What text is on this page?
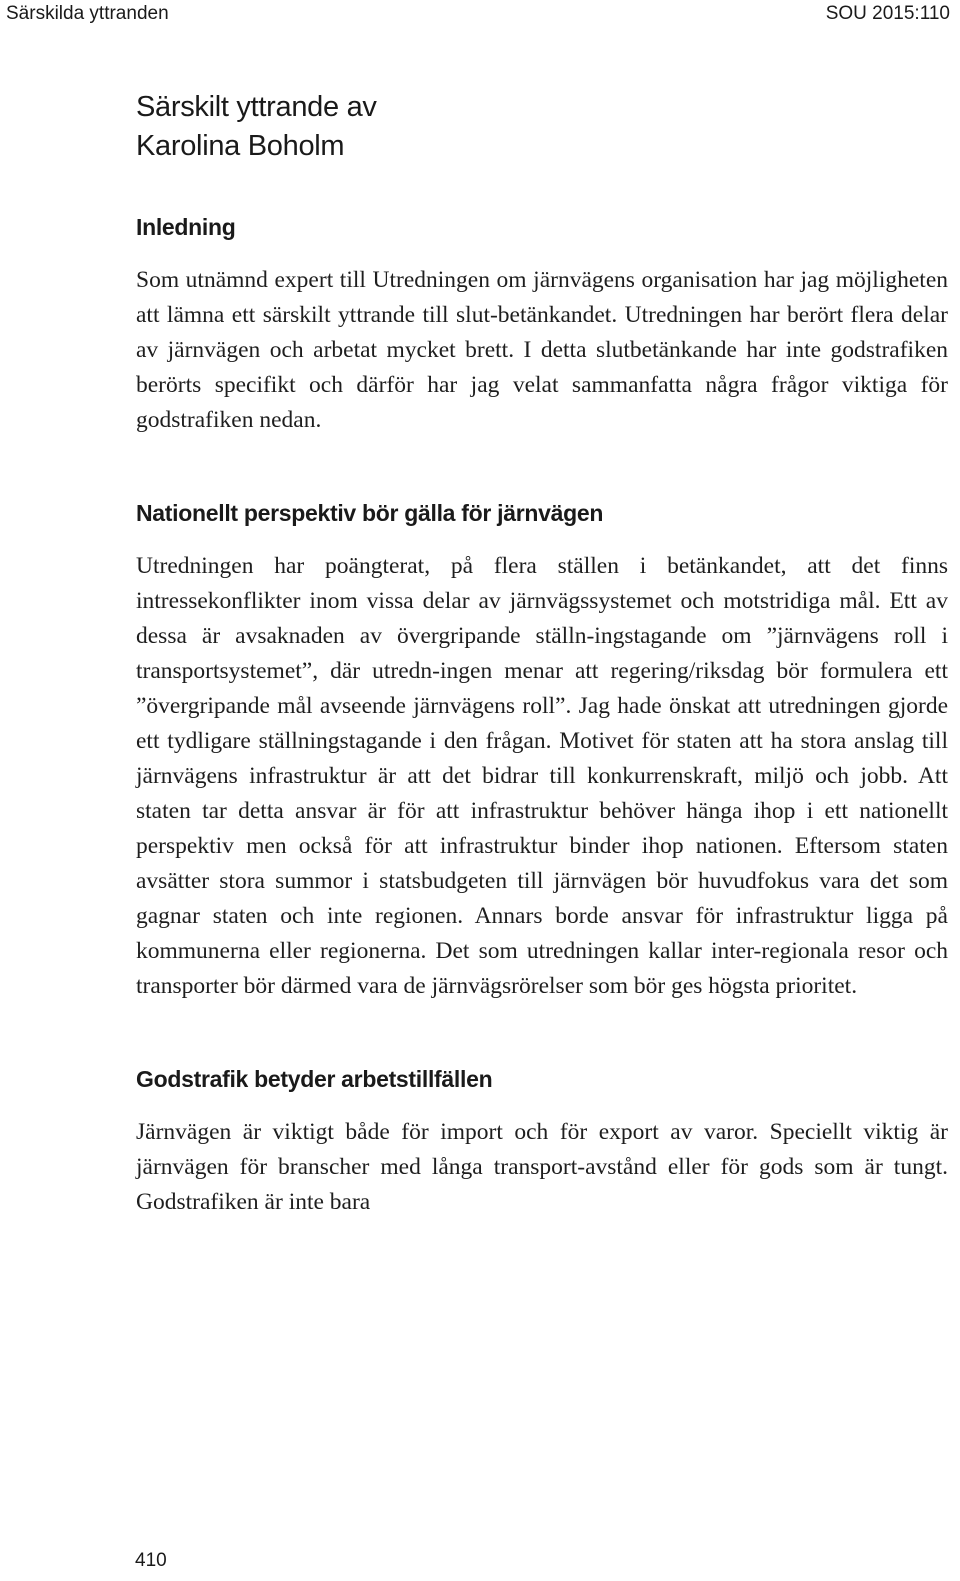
Särskilda yttranden	SOU 2015:110
Särskilt yttrande av
Karolina Boholm
Inledning

Som utnämnd expert till Utredningen om järnvägens organisation har jag möjligheten att lämna ett särskilt yttrande till slut-betänkandet. Utredningen har berört flera delar av järnvägen och arbetat mycket brett. I detta slutbetänkande har inte godstrafiken berörts specifikt och därför har jag velat sammanfatta några frågor viktiga för godstrafiken nedan.

Nationellt perspektiv bör gälla för järnvägen

Utredningen har poängterat, på flera ställen i betänkandet, att det finns intressekonflikter inom vissa delar av järnvägssystemet och motstridiga mål. Ett av dessa är avsaknaden av övergripande ställn-ingstagande om ”järnvägens roll i transportsystemet”, där utredn-ingen menar att regering/riksdag bör formulera ett ”övergripande mål avseende järnvägens roll”. Jag hade önskat att utredningen gjorde ett tydligare ställningstagande i den frågan. Motivet för staten att ha stora anslag till järnvägens infrastruktur är att det bidrar till konkurrenskraft, miljö och jobb. Att staten tar detta ansvar är för att infrastruktur behöver hänga ihop i ett nationellt perspektiv men också för att infrastruktur binder ihop nationen. Eftersom staten avsätter stora summor i statsbudgeten till järnvägen bör huvudfokus vara det som gagnar staten och inte regionen. Annars borde ansvar för infrastruktur ligga på kommunerna eller regionerna. Det som utredningen kallar inter-regionala resor och transporter bör därmed vara de järnvägsrörelser som bör ges högsta prioritet.

Godstrafik betyder arbetstillfällen

Järnvägen är viktigt både för import och för export av varor. Speciellt viktig är järnvägen för branscher med långa transport-avstånd eller för gods som är tungt. Godstrafiken är inte bara

410
